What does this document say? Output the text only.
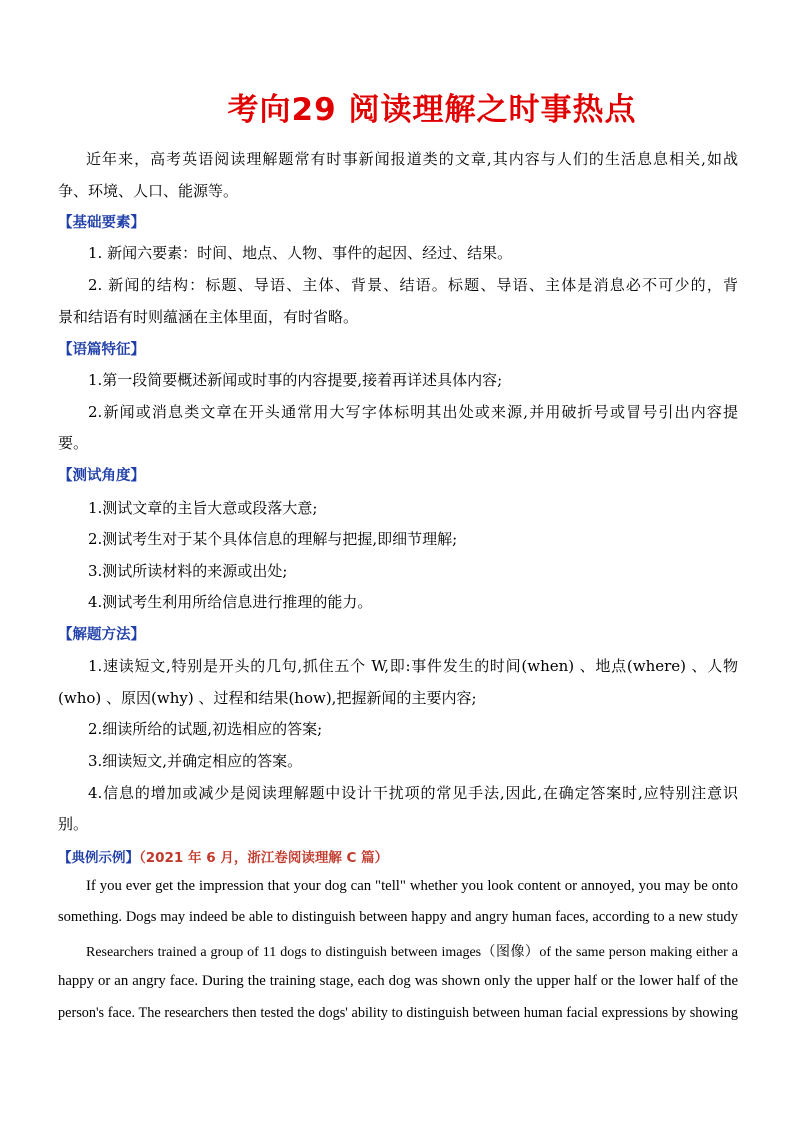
考向29 阅读理解之时事热点
近年来，高考英语阅读理解题常有时事新闻报道类的文章,其内容与人们的生活息息相关,如战
争、环境、人口、能源等。
【基础要素】
1. 新闻六要素：时间、地点、人物、事件的起因、经过、结果。
2. 新闻的结构：标题、导语、主体、背景、结语。标题、导语、主体是消息必不可少的，背
景和结语有时则蕴涵在主体里面，有时省略。
【语篇特征】
1.第一段简要概述新闻或时事的内容提要,接着再详述具体内容;
2.新闻或消息类文章在开头通常用大写字体标明其出处或来源,并用破折号或冒号引出内容提
要。
【测试角度】
1.测试文章的主旨大意或段落大意;
2.测试考生对于某个具体信息的理解与把握,即细节理解;
3.测试所读材料的来源或出处;
4.测试考生利用所给信息进行推理的能力。
【解题方法】
1.速读短文,特别是开头的几句,抓住五个 W,即:事件发生的时间(when) 、地点(where) 、人物
(who) 、原因(why) 、过程和结果(how),把握新闻的主要内容;
2.细读所给的试题,初选相应的答案;
3.细读短文,并确定相应的答案。
4.信息的增加或减少是阅读理解题中设计干扰项的常见手法,因此,在确定答案时,应特别注意识
别。
【典例示例】（2021 年 6 月，浙江卷阅读理解 C 篇）
If you ever get the impression that your dog can "tell" whether you look content or annoyed, you may be onto
something. Dogs may indeed be able to distinguish between happy and angry human faces, according to a new study
Researchers trained a group of 11 dogs to distinguish between images（图像）of the same person making either a
happy or an angry face. During the training stage, each dog was shown only the upper half or the lower half of the
person's face. The researchers then tested the dogs' ability to distinguish between human facial expressions by showing
